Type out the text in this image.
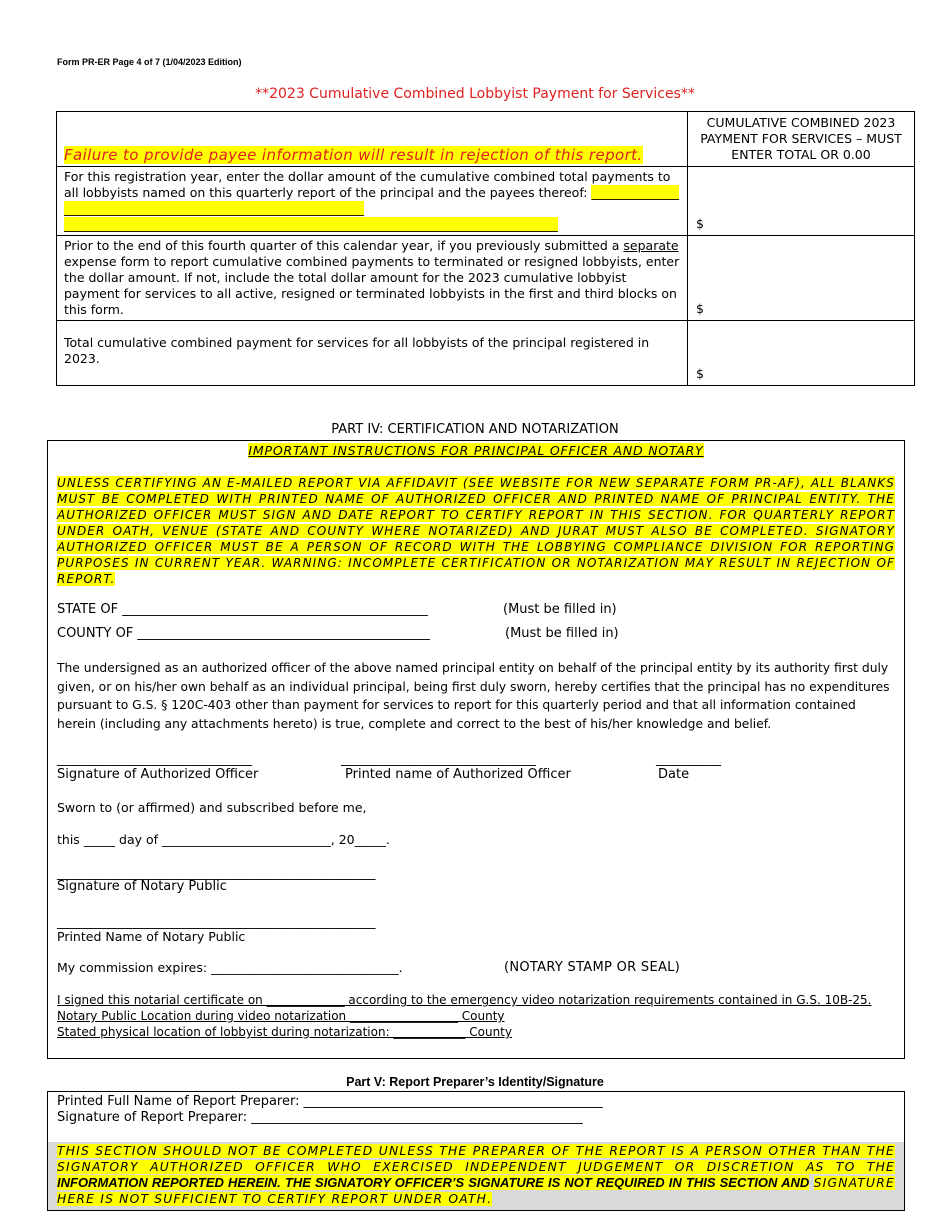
Form PR-ER Page 4 of 7 (1/04/2023 Edition)
**2023 Cumulative Combined Lobbyist Payment for Services**
Failure to provide payee information will result in rejection of this report.	CUMULATIVE COMBINED 2023 PAYMENT FOR SERVICES – MUST ENTER TOTAL OR 0.00
For this registration year, enter the dollar amount of the cumulative combined total payments to all lobbyists named on this quarterly report of the principal and the payees thereof: ______________________________________________________________
_______________________________________________________________________________	$
Prior to the end of this fourth quarter of this calendar year, if you previously submitted a separate expense form to report cumulative combined payments to terminated or resigned lobbyists, enter the dollar amount. If not, include the total dollar amount for the 2023 cumulative lobbyist payment for services to all active, resigned or terminated lobbyists in the first and third blocks on this form.	$
Total cumulative combined payment for services for all lobbyists of the principal registered in 2023.	$
PART IV: CERTIFICATION AND NOTARIZATION
IMPORTANT INSTRUCTIONS FOR PRINCIPAL OFFICER AND NOTARY
UNLESS CERTIFYING AN E-MAILED REPORT VIA AFFIDAVIT (SEE WEBSITE FOR NEW SEPARATE FORM PR-AF), ALL BLANKS MUST BE COMPLETED WITH PRINTED NAME OF AUTHORIZED OFFICER AND PRINTED NAME OF PRINCIPAL ENTITY. THE AUTHORIZED OFFICER MUST SIGN AND DATE REPORT TO CERTIFY REPORT IN THIS SECTION. FOR QUARTERLY REPORT UNDER OATH, VENUE (STATE AND COUNTY WHERE NOTARIZED) AND JURAT MUST ALSO BE COMPLETED. SIGNATORY AUTHORIZED OFFICER MUST BE A PERSON OF RECORD WITH THE LOBBYING COMPLIANCE DIVISION FOR REPORTING PURPOSES IN CURRENT YEAR. WARNING: INCOMPLETE CERTIFICATION OR NOTARIZATION MAY RESULT IN REJECTION OF REPORT.
STATE OF _______________________________________________	(Must be filled in)
COUNTY OF _____________________________________________	(Must be filled in)
The undersigned as an authorized officer of the above named principal entity on behalf of the principal entity by its authority first duly given, or on his/her own behalf as an individual principal, being first duly sworn, hereby certifies that the principal has no expenditures pursuant to G.S. § 120C-403 other than payment for services to report for this quarterly period and that all information contained herein (including any attachments hereto) is true, complete and correct to the best of his/her knowledge and belief.
______________________________	______________________________	__________
Signature of Authorized Officer	Printed name of Authorized Officer	Date
Sworn to (or affirmed) and subscribed before me,
this _____ day of ___________________________, 20_____.
_________________________________________________
Signature of Notary Public
_________________________________________________
Printed Name of Notary Public
My commission expires: ______________________________.	(NOTARY STAMP OR SEAL)
I signed this notarial certificate on _____________ according to the emergency video notarization requirements contained in G.S. 10B-25.
Notary Public Location during video notarization __________________ County
Stated physical location of lobbyist during notarization: ____________ County
Part V: Report Preparer’s Identity/Signature
Printed Full Name of Report Preparer: ______________________________________________
Signature of Report Preparer: ___________________________________________________
THIS SECTION SHOULD NOT BE COMPLETED UNLESS THE PREPARER OF THE REPORT IS A PERSON OTHER THAN THE SIGNATORY AUTHORIZED OFFICER WHO EXERCISED INDEPENDENT JUDGEMENT OR DISCRETION AS TO THE INFORMATION REPORTED HEREIN. THE SIGNATORY OFFICER’S SIGNATURE IS NOT REQUIRED IN THIS SECTION AND SIGNATURE HERE IS NOT SUFFICIENT TO CERTIFY REPORT UNDER OATH.
